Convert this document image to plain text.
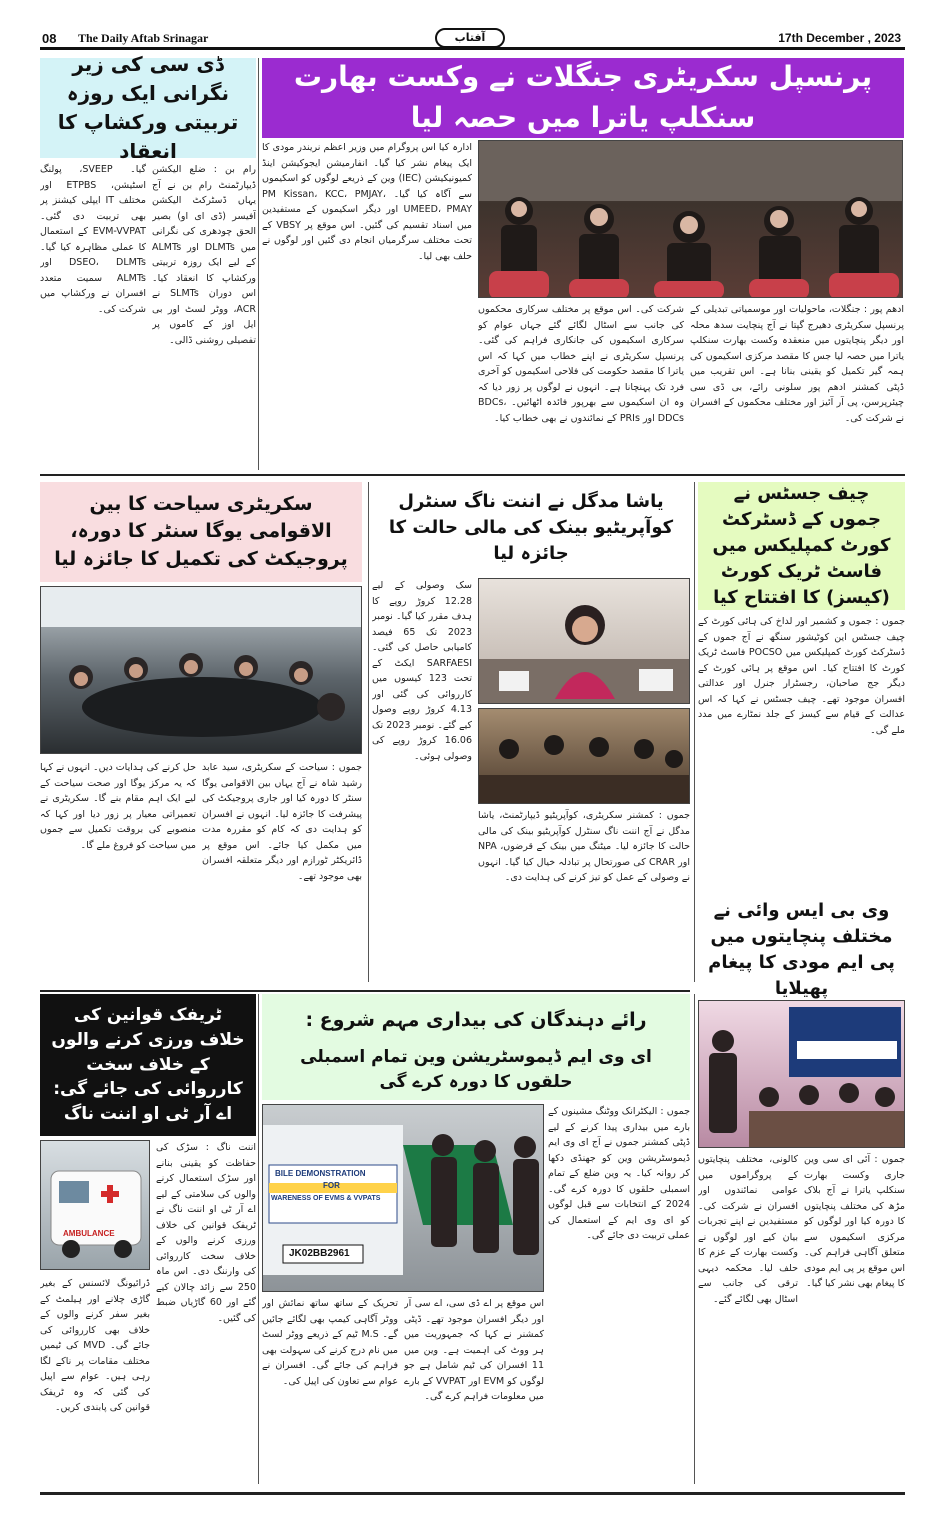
08 The Daily Aftab Srinagar	آفتاب	17th December , 2023
پرنسپل سکریٹری جنگلات نے وکست بھارت سنکلپ یاترا میں حصہ لیا
ادھم پور : جنگلات، ماحولیات اور موسمیاتی تبدیلی کے پرنسپل سکریٹری دھیرج گپتا نے آج پنچایت سدھ محلہ اور دیگر پنچایتوں میں منعقدہ وکست بھارت سنکلپ یاترا میں حصہ لیا جس کا مقصد مرکزی اسکیموں کی ہمہ گیر تکمیل کو یقینی بنانا ہے۔ اس تقریب میں ڈپٹی کمشنر ادھم پور سلونی رائے، بی ڈی سی چیئرپرسن، پی آر آئیز اور مختلف محکموں کے افسران نے شرکت کی۔
شرکت کی۔ اس موقع پر مختلف سرکاری محکموں کی جانب سے اسٹال لگائے گئے جہاں عوام کو سرکاری اسکیموں کی جانکاری فراہم کی گئی۔ پرنسپل سکریٹری نے اپنے خطاب میں کہا کہ اس یاترا کا مقصد حکومت کی فلاحی اسکیموں کو آخری فرد تک پہنچانا ہے۔ انہوں نے لوگوں پر زور دیا کہ وہ ان اسکیموں سے بھرپور فائدہ اٹھائیں۔ BDCs، DDCs اور PRIs کے نمائندوں نے بھی خطاب کیا۔
ادارہ کیا اس پروگرام میں وزیر اعظم نریندر مودی کا ایک پیغام نشر کیا گیا۔ انفارمیشن ایجوکیشن اینڈ کمیونیکیشن (IEC) وین کے ذریعے لوگوں کو اسکیموں سے آگاہ کیا گیا۔ PM Kissan، KCC، PMJAY، UMEED، PMAY اور دیگر اسکیموں کے مستفیدین میں اسناد تقسیم کی گئیں۔ اس موقع پر VBSY کے تحت مختلف سرگرمیاں انجام دی گئیں اور لوگوں نے حلف بھی لیا۔
ڈی سی کی زیر نگرانی ایک روزہ تربیتی ورکشاپ کا انعقاد
رام بن : ضلع الیکشن ڈیپارٹمنٹ رام بن نے آج یہاں ڈسٹرکٹ الیکشن آفیسر (ڈی ای او) بصیر الحق چودھری کی نگرانی میں DLMTs اور ALMTs کے لیے ایک روزہ تربیتی ورکشاپ کا انعقاد کیا۔ اس دوران SLMTs نے ACR، ووٹر لسٹ اور بی ایل اوز کے کاموں پر تفصیلی روشنی ڈالی۔
گیا۔ SVEEP، پولنگ اسٹیشن، ETPBS اور مختلف IT ایپلی کیشنز پر بھی تربیت دی گئی۔ EVM-VVPAT کے استعمال کا عملی مظاہرہ کیا گیا۔ DSEO، DLMTs اور ALMTs سمیت متعدد افسران نے ورکشاپ میں شرکت کی۔
سکریٹری سیاحت کا بین الاقوامی یوگا سنٹر کا دورہ، پروجیکٹ کی تکمیل کا جائزہ لیا
جموں : سیاحت کے سکریٹری، سید عابد رشید شاہ نے آج یہاں بین الاقوامی یوگا سنٹر کا دورہ کیا اور جاری پروجیکٹ کی پیشرفت کا جائزہ لیا۔ انہوں نے افسران کو ہدایت دی کہ کام کو مقررہ مدت میں مکمل کیا جائے۔ اس موقع پر ڈائریکٹر ٹورازم اور دیگر متعلقہ افسران بھی موجود تھے۔
حل کرنے کی ہدایات دیں۔ انہوں نے کہا کہ یہ مرکز یوگا اور صحت سیاحت کے لیے ایک اہم مقام بنے گا۔ سکریٹری نے تعمیراتی معیار پر زور دیا اور کہا کہ منصوبے کی بروقت تکمیل سے جموں میں سیاحت کو فروغ ملے گا۔
یاشا مدگل نے اننت ناگ سنٹرل کوآپریٹیو بینک کی مالی حالت کا جائزہ لیا
جموں : کمشنر سکریٹری، کوآپریٹیو ڈیپارٹمنٹ، یاشا مدگل نے آج اننت ناگ سنٹرل کوآپریٹیو بینک کی مالی حالت کا جائزہ لیا۔ میٹنگ میں بینک کے قرضوں، NPA اور CRAR کی صورتحال پر تبادلہ خیال کیا گیا۔ انہوں نے وصولی کے عمل کو تیز کرنے کی ہدایت دی۔
سک وصولی کے لیے 12.28 کروڑ روپے کا ہدف مقرر کیا گیا۔ نومبر 2023 تک 65 فیصد کامیابی حاصل کی گئی۔ SARFAESI ایکٹ کے تحت 123 کیسوں میں کارروائی کی گئی اور 4.13 کروڑ روپے وصول کیے گئے۔ نومبر 2023 تک 16.06 کروڑ روپے کی وصولی ہوئی۔
چیف جسٹس نے جموں کے ڈسٹرکٹ کورٹ کمپلیکس میں فاسٹ ٹریک کورٹ (کیسز) کا افتتاح کیا
جموں : جموں و کشمیر اور لداخ کی ہائی کورٹ کے چیف جسٹس این کوٹیشور سنگھ نے آج جموں کے ڈسٹرکٹ کورٹ کمپلیکس میں POCSO فاسٹ ٹریک کورٹ کا افتتاح کیا۔ اس موقع پر ہائی کورٹ کے دیگر جج صاحبان، رجسٹرار جنرل اور عدالتی افسران موجود تھے۔ چیف جسٹس نے کہا کہ اس عدالت کے قیام سے کیسز کے جلد نمٹارے میں مدد ملے گی۔
وی بی ایس وائی نے مختلف پنچایتوں میں پی ایم مودی کا پیغام پھیلایا
جموں : آئی ای سی وین جاری وکست بھارت سنکلپ یاترا نے آج بلاک مڑھ کی مختلف پنچایتوں کا دورہ کیا اور لوگوں کو مرکزی اسکیموں سے متعلق آگاہی فراہم کی۔ اس موقع پر پی ایم مودی کا پیغام بھی نشر کیا گیا۔
کالونی، مختلف پنچایتوں کے پروگراموں میں عوامی نمائندوں اور افسران نے شرکت کی۔ مستفیدین نے اپنے تجربات بیان کیے اور لوگوں نے وکست بھارت کے عزم کا حلف لیا۔ محکمہ دیہی ترقی کی جانب سے اسٹال بھی لگائے گئے۔
رائے دہندگان کی بیداری مہم شروع :
ای وی ایم ڈیموسٹریشن وین تمام اسمبلی حلقوں کا دورہ کرے گی
BILE DEMONSTRATION
FOR
WARENESS OF EVMS & VVPATS
JK02BB2961
جموں : الیکٹرانک ووٹنگ مشینوں کے بارے میں بیداری پیدا کرنے کے لیے ڈپٹی کمشنر جموں نے آج ای وی ایم ڈیموسٹریشن وین کو جھنڈی دکھا کر روانہ کیا۔ یہ وین ضلع کے تمام اسمبلی حلقوں کا دورہ کرے گی۔ 2024 کے انتخابات سے قبل لوگوں کو ای وی ایم کے استعمال کی عملی تربیت دی جائے گی۔
اس موقع پر اے ڈی سی، اے سی آر اور دیگر افسران موجود تھے۔ ڈپٹی کمشنر نے کہا کہ جمہوریت میں ہر ووٹ کی اہمیت ہے۔ وین میں 11 افسران کی ٹیم شامل ہے جو لوگوں کو EVM اور VVPAT کے بارے میں معلومات فراہم کرے گی۔
تحریک کے ساتھ ساتھ نمائش اور ووٹر آگاہی کیمپ بھی لگائے جائیں گے۔ M.S ٹیم کے ذریعے ووٹر لسٹ میں نام درج کرنے کی سہولت بھی فراہم کی جائے گی۔ افسران نے عوام سے تعاون کی اپیل کی۔
ٹریفک قوانین کی خلاف ورزی کرنے والوں کے خلاف سخت کارروائی کی جائے گی: اے آر ٹی او اننت ناگ
AMBULANCE
اننت ناگ : سڑک کی حفاظت کو یقینی بنانے اور سڑک استعمال کرنے والوں کی سلامتی کے لیے اے آر ٹی او اننت ناگ نے ٹریفک قوانین کی خلاف ورزی کرنے والوں کے خلاف سخت کارروائی کی وارننگ دی۔ اس ماہ 250 سے زائد چالان کیے گئے اور 60 گاڑیاں ضبط کی گئیں۔
ڈرائیونگ لائسنس کے بغیر گاڑی چلانے اور ہیلمٹ کے بغیر سفر کرنے والوں کے خلاف بھی کارروائی کی جائے گی۔ MVD کی ٹیمیں مختلف مقامات پر ناکے لگا رہی ہیں۔ عوام سے اپیل کی گئی کہ وہ ٹریفک قوانین کی پابندی کریں۔
